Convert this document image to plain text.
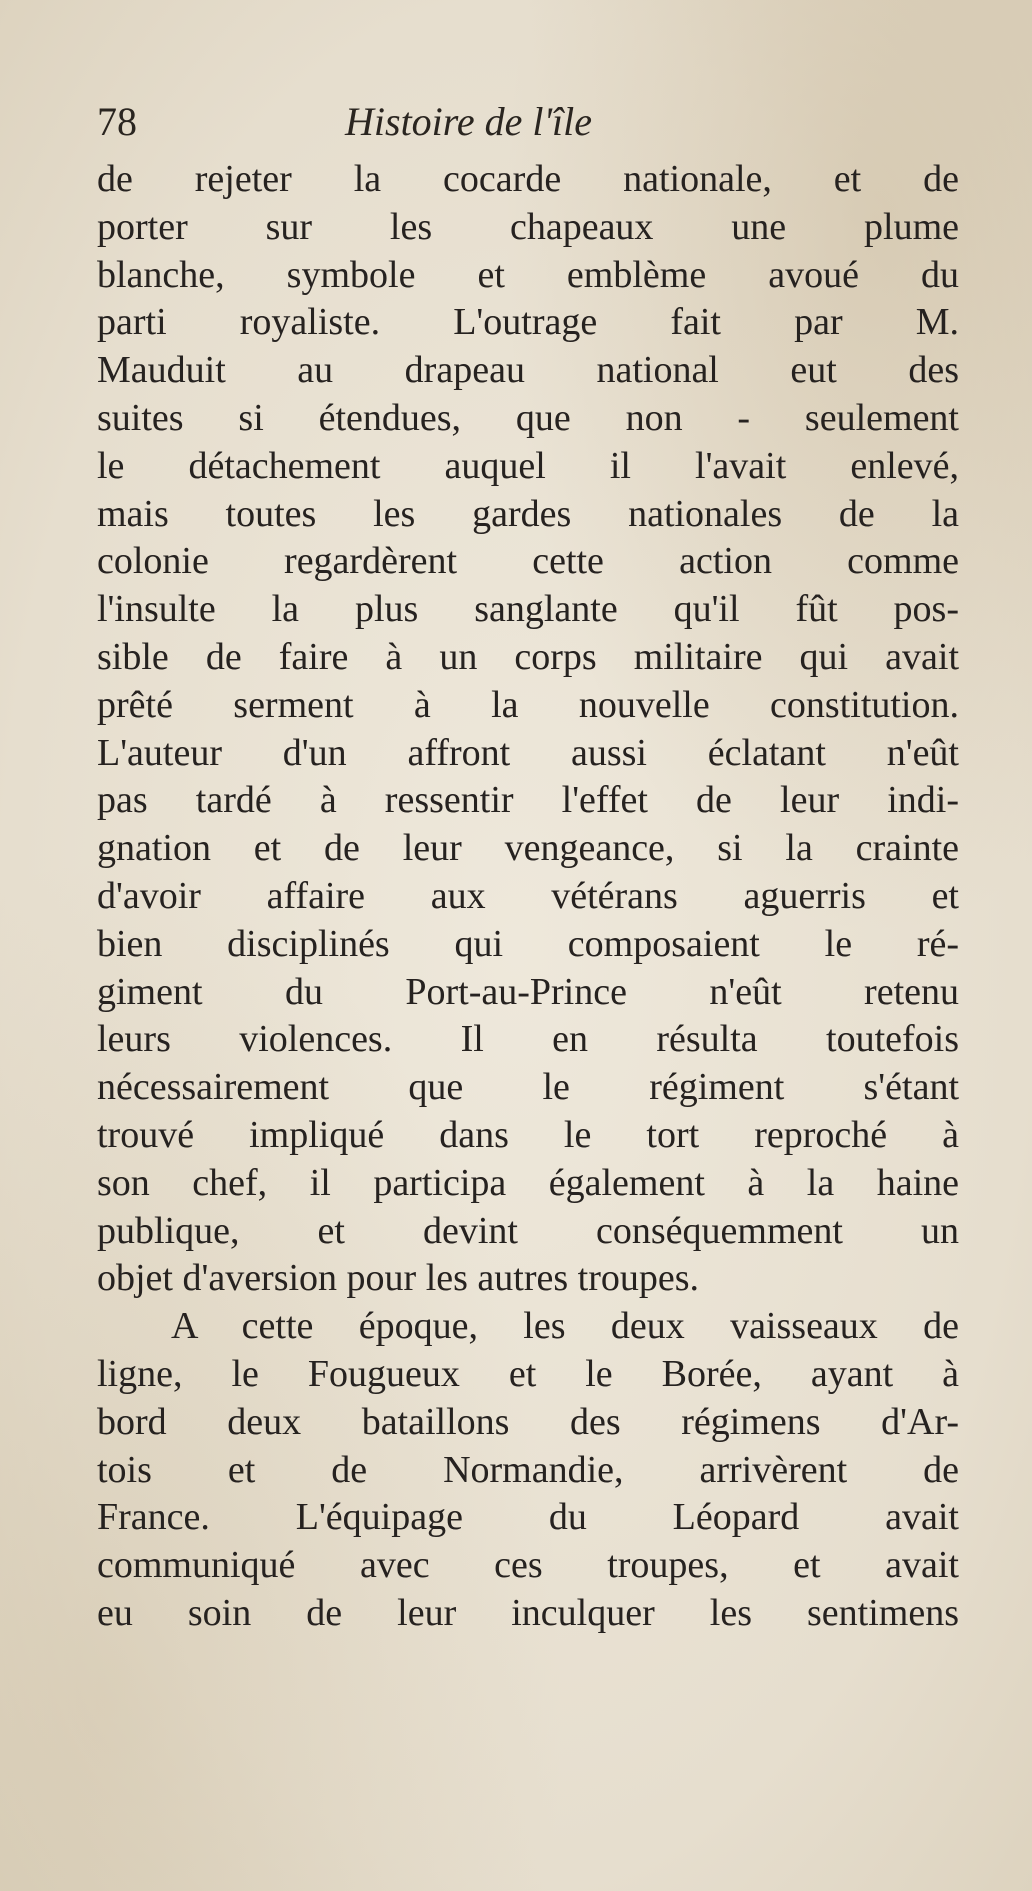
78	Histoire de l'île
de rejeter la cocarde nationale, et de
porter sur les chapeaux une plume
blanche, symbole et emblème avoué du
parti royaliste. L'outrage fait par M.
Mauduit au drapeau national eut des
suites si étendues, que non - seulement
le détachement auquel il l'avait enlevé,
mais toutes les gardes nationales de la
colonie regardèrent cette action comme
l'insulte la plus sanglante qu'il fût pos-
sible de faire à un corps militaire qui avait
prêté serment à la nouvelle constitution.
L'auteur d'un affront aussi éclatant n'eût
pas tardé à ressentir l'effet de leur indi-
gnation et de leur vengeance, si la crainte
d'avoir affaire aux vétérans aguerris et
bien disciplinés qui composaient le ré-
giment du Port-au-Prince n'eût retenu
leurs violences. Il en résulta toutefois
nécessairement que le régiment s'étant
trouvé impliqué dans le tort reproché à
son chef, il participa également à la haine
publique, et devint conséquemment un
objet d'aversion pour les autres troupes.
A cette époque, les deux vaisseaux de
ligne, le Fougueux et le Borée, ayant à
bord deux bataillons des régimens d'Ar-
tois et de Normandie, arrivèrent de
France. L'équipage du Léopard avait
communiqué avec ces troupes, et avait
eu soin de leur inculquer les sentimens
